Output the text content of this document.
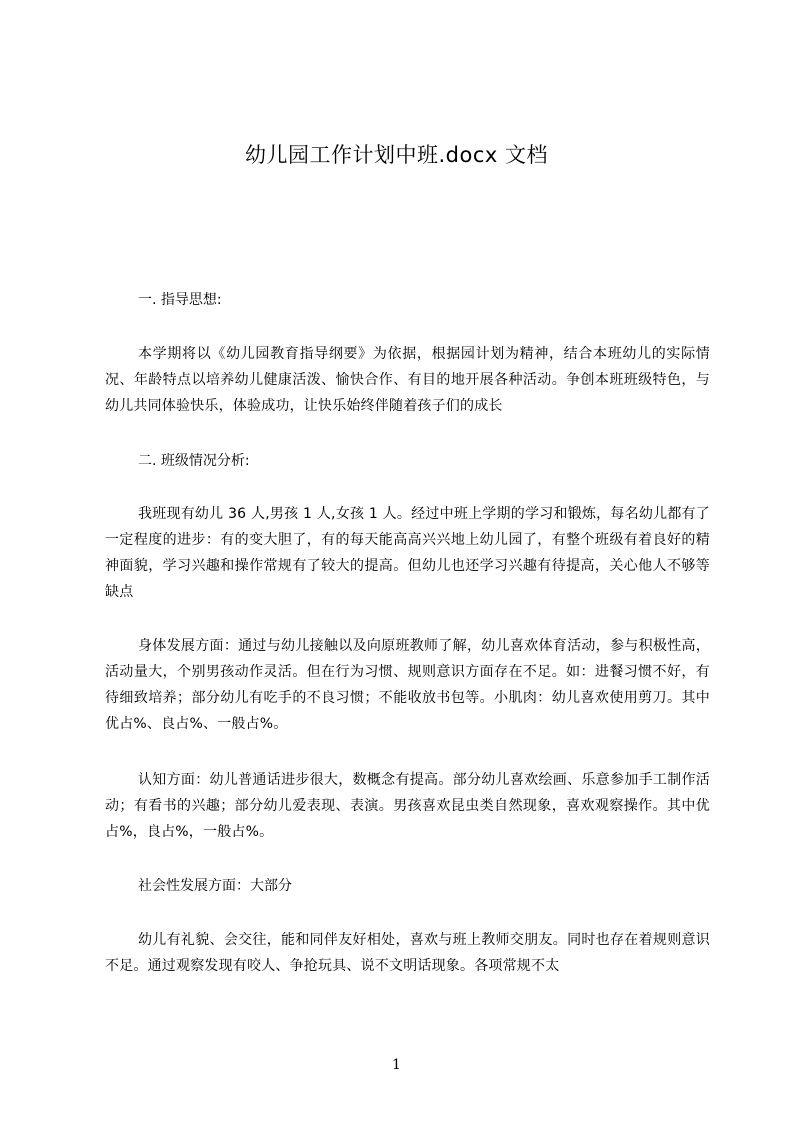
幼儿园工作计划中班.docx 文档
一. 指导思想:
本学期将以《幼儿园教育指导纲要》为依据，根据园计划为精神，结合本班幼儿的实际情况、年龄特点以培养幼儿健康活泼、愉快合作、有目的地开展各种活动。争创本班班级特色，与幼儿共同体验快乐，体验成功，让快乐始终伴随着孩子们的成长
二. 班级情况分析:
我班现有幼儿 36 人,男孩 1 人,女孩 1 人。经过中班上学期的学习和锻炼，每名幼儿都有了一定程度的进步：有的变大胆了，有的每天能高高兴兴地上幼儿园了，有整个班级有着良好的精神面貌，学习兴趣和操作常规有了较大的提高。但幼儿也还学习兴趣有待提高，关心他人不够等缺点
身体发展方面：通过与幼儿接触以及向原班教师了解，幼儿喜欢体育活动，参与积极性高，活动量大，个别男孩动作灵活。但在行为习惯、规则意识方面存在不足。如：进餐习惯不好，有待细致培养；部分幼儿有吃手的不良习惯；不能收放书包等。小肌肉：幼儿喜欢使用剪刀。其中优占%、良占%、一般占%。
认知方面：幼儿普通话进步很大，数概念有提高。部分幼儿喜欢绘画、乐意参加手工制作活动；有看书的兴趣；部分幼儿爱表现、表演。男孩喜欢昆虫类自然现象，喜欢观察操作。其中优占%，良占%，一般占%。
社会性发展方面：大部分
幼儿有礼貌、会交往，能和同伴友好相处，喜欢与班上教师交朋友。同时也存在着规则意识不足。通过观察发现有咬人、争抢玩具、说不文明话现象。各项常规不太
1
